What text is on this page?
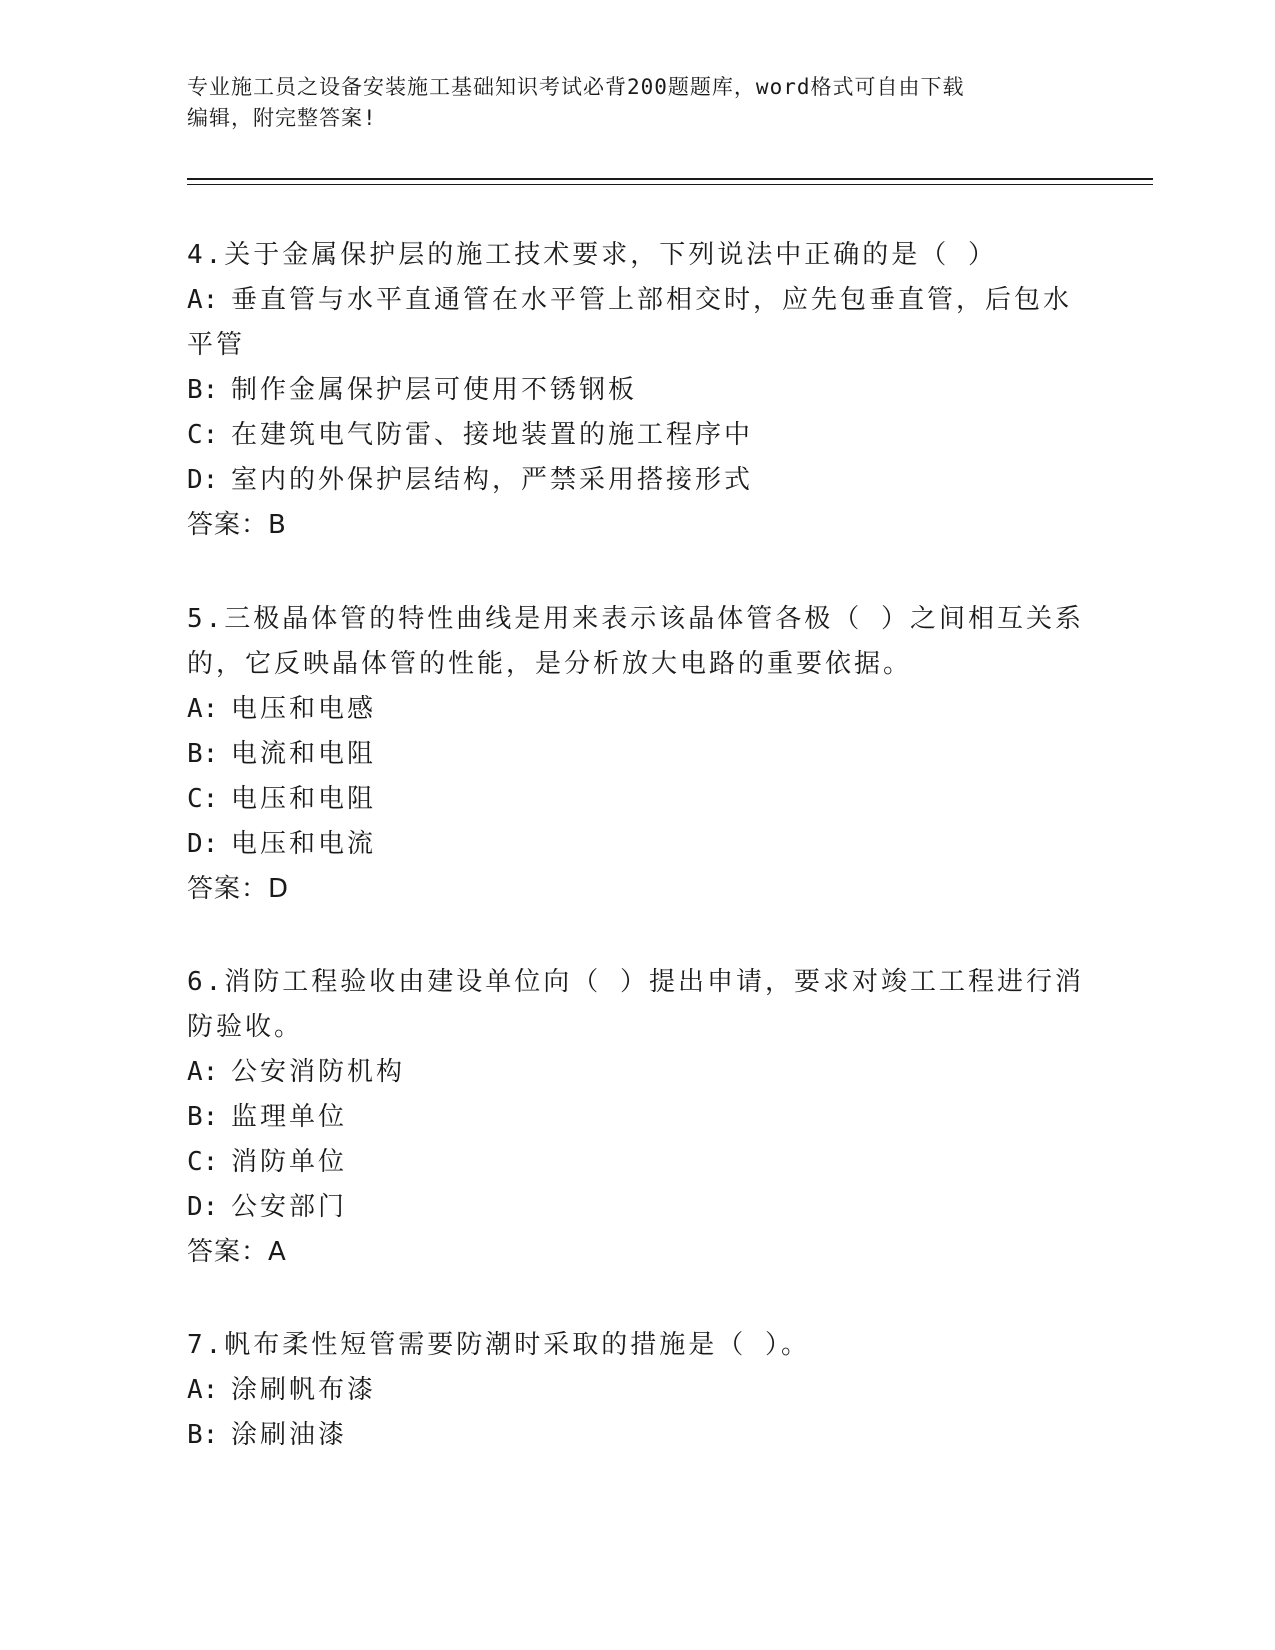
专业施工员之设备安装施工基础知识考试必背200题题库，word格式可自由下载
编辑，附完整答案!

4.关于金属保护层的施工技术要求，下列说法中正确的是（ ）

A: 垂直管与水平直通管在水平管上部相交时，应先包垂直管，后包水平管

B: 制作金属保护层可使用不锈钢板

C: 在建筑电气防雷、接地装置的施工程序中

D: 室内的外保护层结构，严禁采用搭接形式

答案：B

5.三极晶体管的特性曲线是用来表示该晶体管各极（ ）之间相互关系的，它反映晶体管的性能，是分析放大电路的重要依据。

A: 电压和电感

B: 电流和电阻

C: 电压和电阻

D: 电压和电流

答案：D

6.消防工程验收由建设单位向（ ）提出申请，要求对竣工工程进行消防验收。

A: 公安消防机构

B: 监理单位

C: 消防单位

D: 公安部门

答案：A

7.帆布柔性短管需要防潮时采取的措施是（ ）。

A: 涂刷帆布漆

B: 涂刷油漆
